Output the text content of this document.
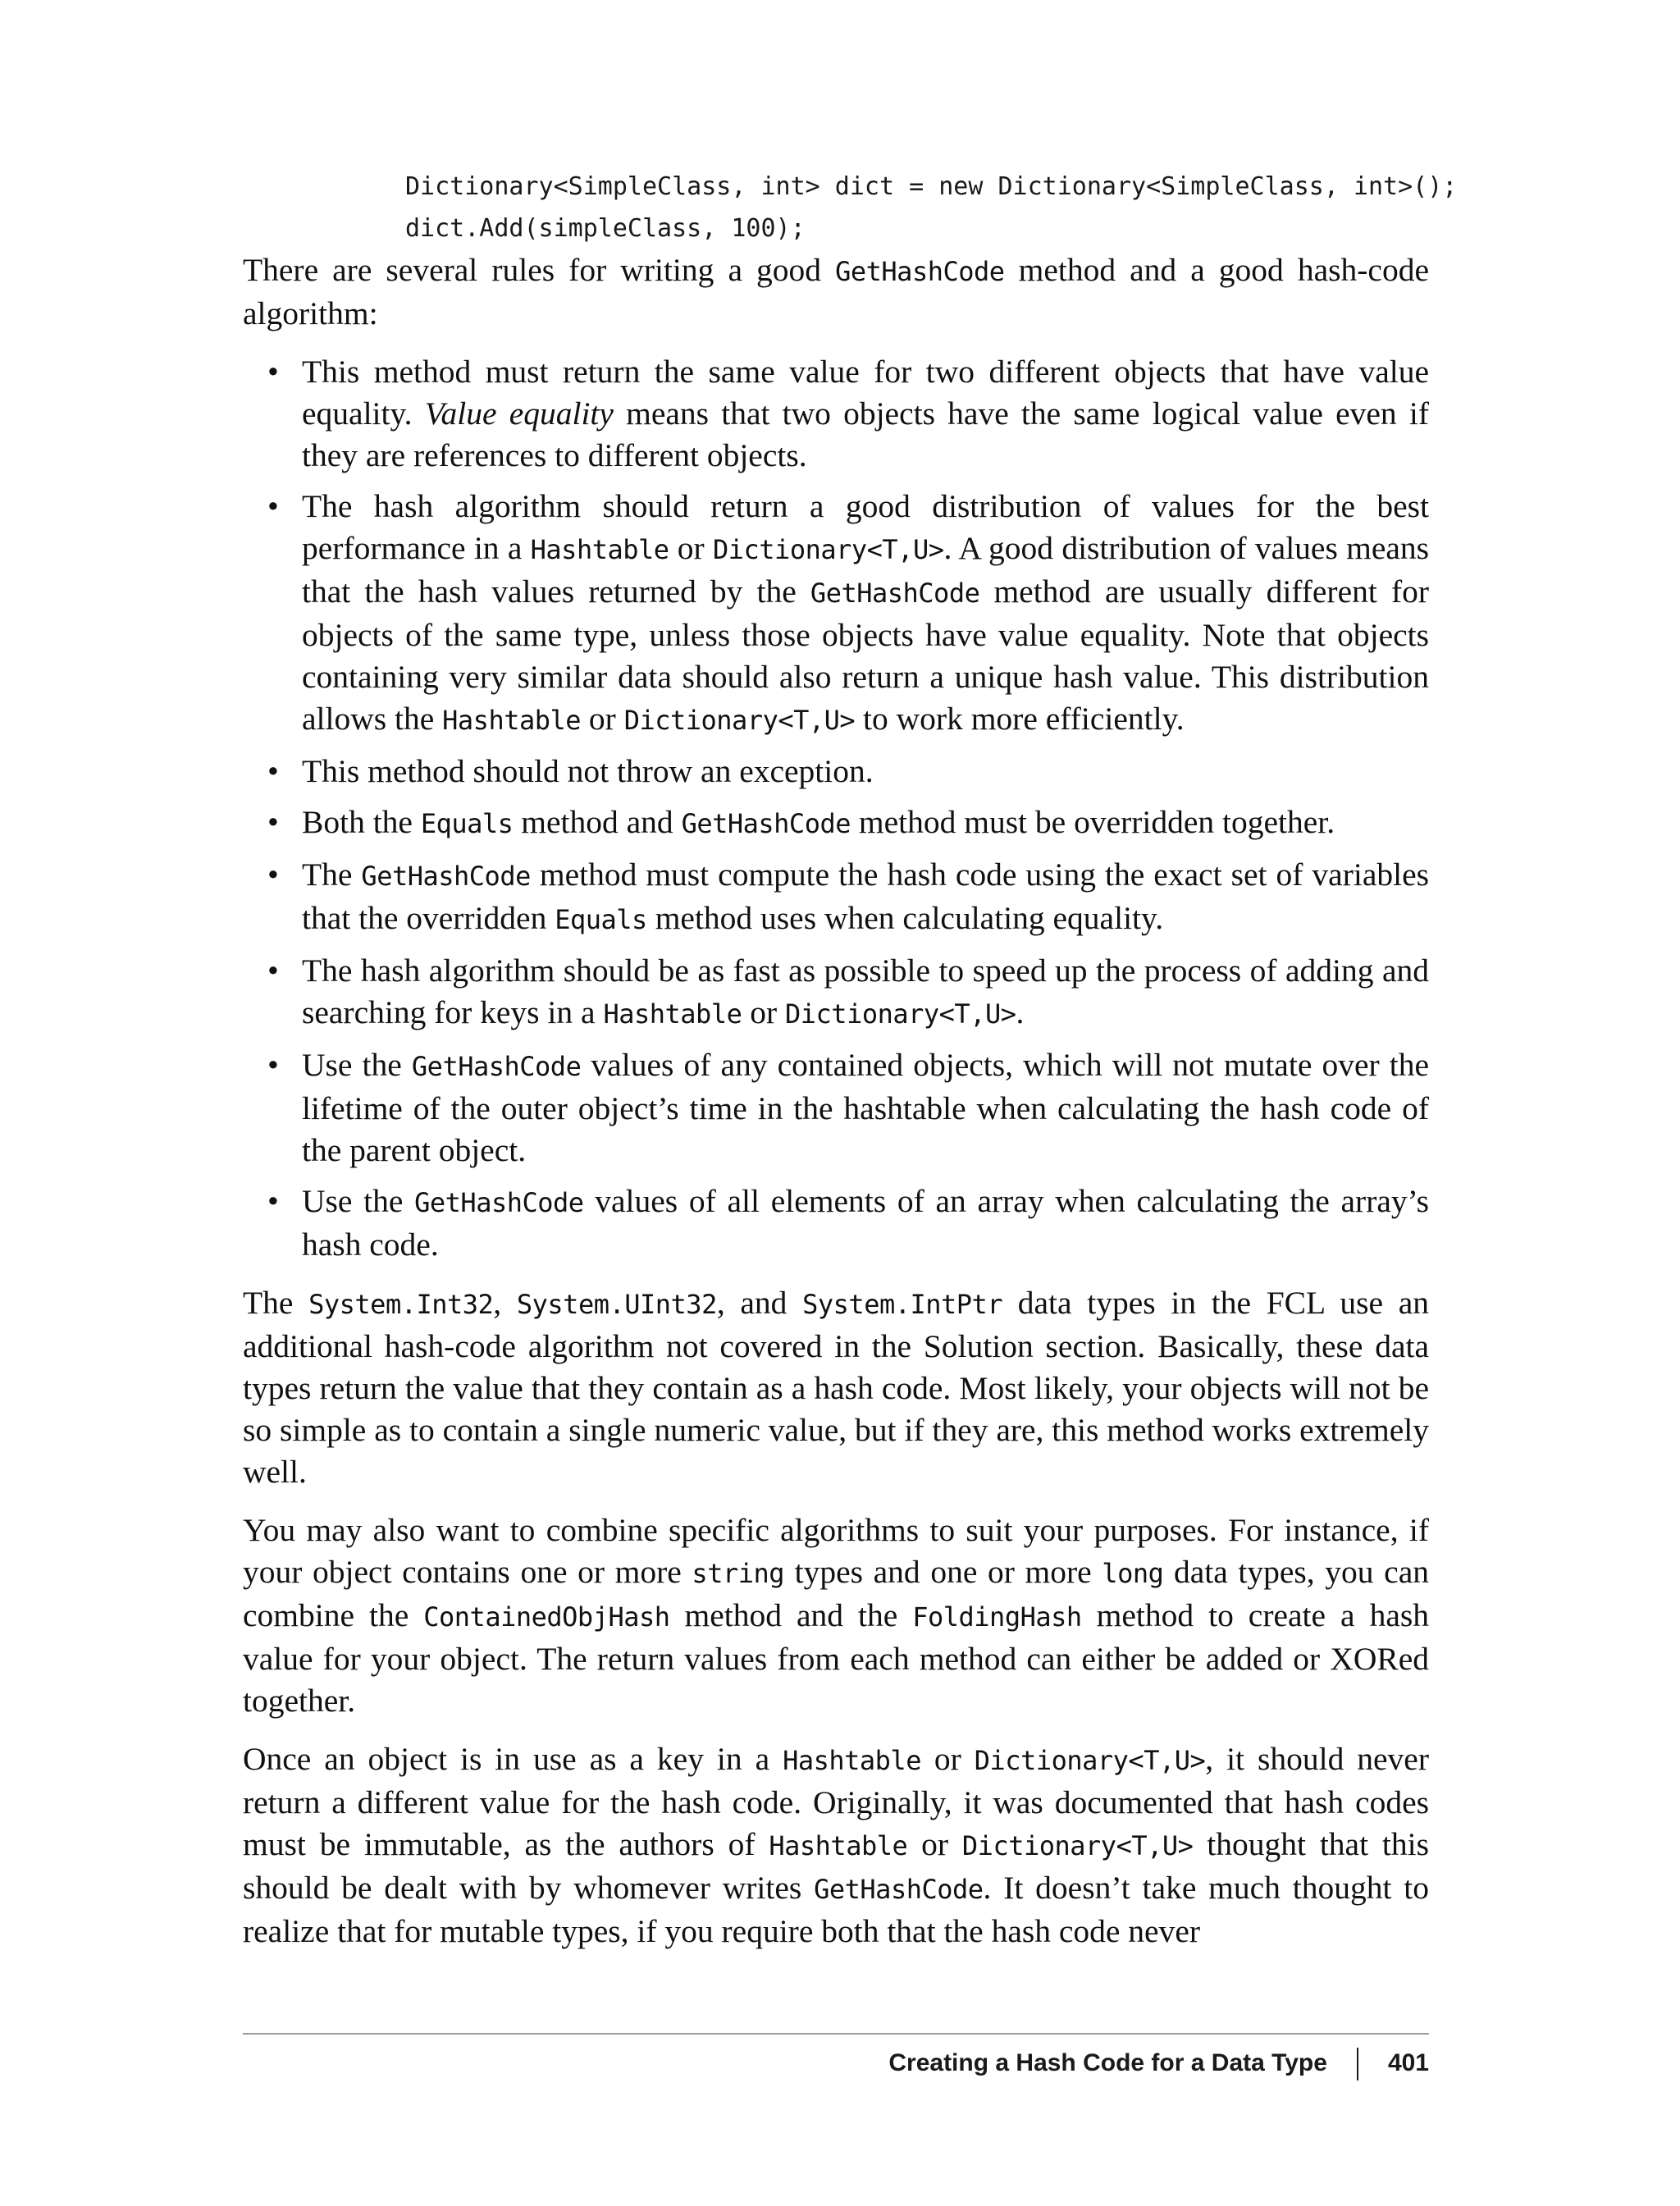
Dictionary<SimpleClass, int> dict = new Dictionary<SimpleClass, int>();
dict.Add(simpleClass, 100);

There are several rules for writing a good GetHashCode method and a good hash-code algorithm:

• This method must return the same value for two different objects that have value equality. Value equality means that two objects have the same logical value even if they are references to different objects.
• The hash algorithm should return a good distribution of values for the best performance in a Hashtable or Dictionary<T,U>. A good distribution of values means that the hash values returned by the GetHashCode method are usually different for objects of the same type, unless those objects have value equality. Note that objects containing very similar data should also return a unique hash value. This distribution allows the Hashtable or Dictionary<T,U> to work more efficiently.
• This method should not throw an exception.
• Both the Equals method and GetHashCode method must be overridden together.
• The GetHashCode method must compute the hash code using the exact set of variables that the overridden Equals method uses when calculating equality.
• The hash algorithm should be as fast as possible to speed up the process of adding and searching for keys in a Hashtable or Dictionary<T,U>.
• Use the GetHashCode values of any contained objects, which will not mutate over the lifetime of the outer object’s time in the hashtable when calculating the hash code of the parent object.
• Use the GetHashCode values of all elements of an array when calculating the array’s hash code.

The System.Int32, System.UInt32, and System.IntPtr data types in the FCL use an additional hash-code algorithm not covered in the Solution section. Basically, these data types return the value that they contain as a hash code. Most likely, your objects will not be so simple as to contain a single numeric value, but if they are, this method works extremely well.

You may also want to combine specific algorithms to suit your purposes. For instance, if your object contains one or more string types and one or more long data types, you can combine the ContainedObjHash method and the FoldingHash method to create a hash value for your object. The return values from each method can either be added or XORed together.

Once an object is in use as a key in a Hashtable or Dictionary<T,U>, it should never return a different value for the hash code. Originally, it was documented that hash codes must be immutable, as the authors of Hashtable or Dictionary<T,U> thought that this should be dealt with by whomever writes GetHashCode. It doesn’t take much thought to realize that for mutable types, if you require both that the hash code never

Creating a Hash Code for a Data Type 401
